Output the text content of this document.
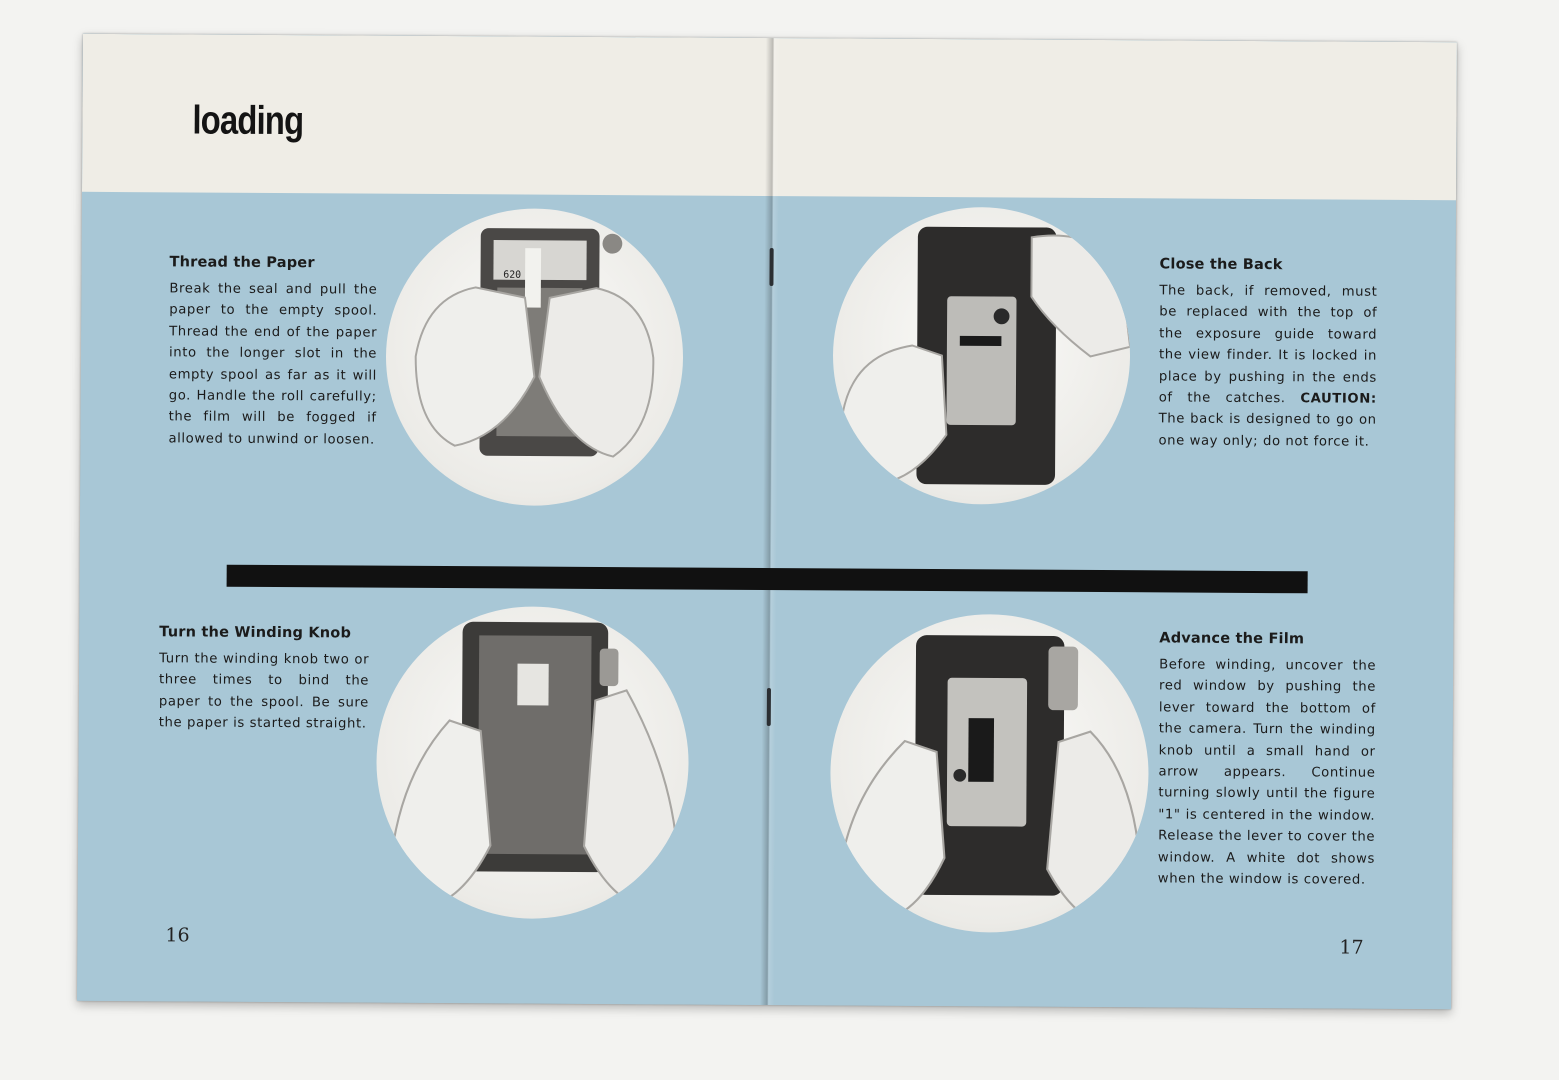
loading
Thread the Paper

Break the seal and pull the paper to the empty spool. Thread the end of the paper into the longer slot in the empty spool as far as it will go. Handle the roll carefully; the film will be fogged if allowed to unwind or loosen.

620
Close the Back

The back, if removed, must be replaced with the top of the exposure guide toward the view finder. It is locked in place by pushing in the ends of the catches. CAUTION: The back is designed to go on one way only; do not force it.

Turn the Winding Knob

Turn the winding knob two or three times to bind the paper to the spool. Be sure the paper is started straight.

Advance the Film

Before winding, uncover the red window by pushing the lever toward the bottom of the camera. Turn the winding knob until a small hand or arrow appears. Continue turning slowly until the figure "1" is centered in the window. Release the lever to cover the window. A white dot shows when the window is covered.

16
17
